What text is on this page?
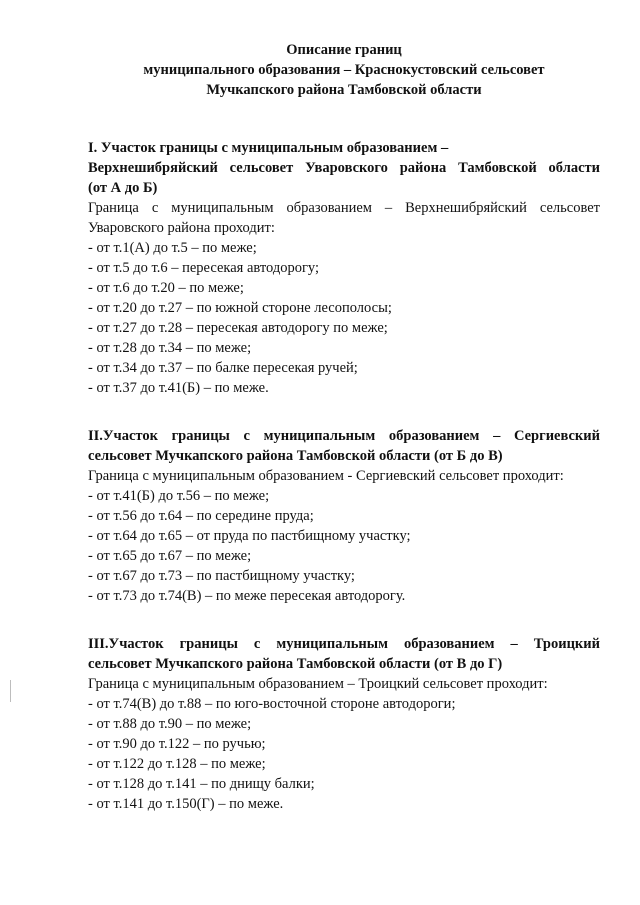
Описание границ

муниципального образования – Краснокустовский сельсовет

Мучкапского района Тамбовской области

I. Участок границы с муниципальным образованием –
Верхнешибряйский сельсовет Уваровского района Тамбовской области
(от А до Б)

Граница с муниципальным образованием – Верхнешибряйский сельсовет
Уваровского района проходит:

- от т.1(А) до т.5 – по меже;

- от т.5 до т.6 – пересекая автодорогу;

- от т.6 до т.20 – по меже;

- от т.20 до т.27 – по южной стороне лесополосы;

- от т.27 до т.28 – пересекая автодорогу по меже;

- от т.28 до т.34 – по меже;

- от т.34 до т.37 – по балке пересекая ручей;

- от т.37 до т.41(Б) – по меже.

II.Участок границы с муниципальным образованием – Сергиевский
сельсовет Мучкапского района Тамбовской области (от Б до В)

Граница с муниципальным образованием - Сергиевский сельсовет проходит:

- от т.41(Б) до т.56 – по меже;

- от т.56 до т.64 – по середине пруда;

- от т.64 до т.65 – от пруда по пастбищному участку;

- от т.65 до т.67 – по меже;

- от т.67 до т.73 – по пастбищному участку;

- от т.73 до т.74(В) – по меже пересекая автодорогу.

III.Участок границы с муниципальным образованием – Троицкий
сельсовет Мучкапского района Тамбовской области (от В до Г)

Граница с муниципальным образованием – Троицкий сельсовет проходит:

- от т.74(В) до т.88 – по юго-восточной стороне автодороги;

- от т.88 до т.90 – по меже;

- от т.90 до т.122 – по ручью;

- от т.122 до т.128 – по меже;

- от т.128 до т.141 – по днищу балки;

- от т.141 до т.150(Г) – по меже.
